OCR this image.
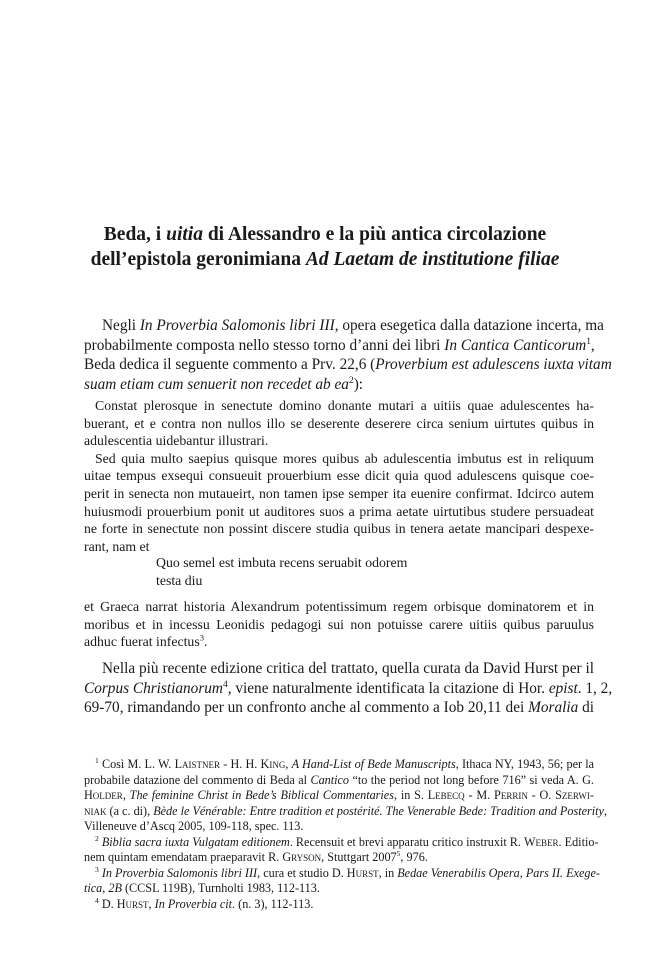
Beda, i uitia di Alessandro e la più antica circolazione
dell’epistola geronimiana Ad Laetam de institutione filiae

Negli In Proverbia Salomonis libri III, opera esegetica dalla datazione incerta, ma
probabilmente composta nello stesso torno d’anni dei libri In Cantica Canticorum$^1$,
Beda dedica il seguente commento a Prv. 22,6 (Proverbium est adulescens iuxta vitam
suam etiam cum senuerit non recedet ab $ea^2$):

Constat plerosque in senectute domino donante mutari a uitiis quae adulescentes ha-
buerant, et e contra non nullos illo se deserente deserere circa senium uirtutes quibus in
adulescentia uidebantur illustrari.
Sed quia multo saepius quisque mores quibus ab adulescentia imbutus est in reliquum
uitae tempus exsequi consueuit prouerbium esse dicit quia quod adulescens quisque coe-
perit in senecta non mutaueirt, non tamen ipse semper ita euenire confirmat. Idcirco autem
huiusmodi prouerbium ponit ut auditores suos a prima aetate uirtutibus studere persuadeat
ne forte in senectute non possint discere studia quibus in tenera aetate mancipari despexe-
rant, nam et
Quo semel est imbuta recens seruabit odorem
testa diu
et Graeca narrat historia Alexandrum potentissimum regem orbisque dominatorem et in
moribus et in incessu Leonidis pedagogi sui non potuisse carere uitiis quibus paruulus
adhuc fuerat infectus$^3$.

Nella più recente edizione critica del trattato, quella curata da David Hurst per il
Corpus Christianorum$^4$, viene naturalmente identificata la citazione di Hor. epist. 1, 2,
69-70, rimandando per un confronto anche al commento a Iob 20,11 dei Moralia di

$^1$ Così M. L. W. Laistner - H. H. King, A Hand-List of Bede Manuscripts, Ithaca NY, 1943, 56; per la
probabile datazione del commento di Beda al Cantico “to the period not long before 716” si veda A. G.
Holder, The feminine Christ in Bede’s Biblical Commentaries, in S. Lebecq - M. Perrin - O. Szerwi-
niak (a c. di), Bède le Vénérable: Entre tradition et postérité. The Venerable Bede: Tradition and Posterity,
Villeneuve d’Ascq 2005, 109-118, spec. 113.
$^2$ Biblia sacra iuxta Vulgatam editionem. Recensuit et brevi apparatu critico instruxit R. Weber. Editio-
nem quintam emendatam praeparavit R. Gryson, Stuttgart 2007$^5$, 976.
$^3$ In Proverbia Salomonis libri III, cura et studio D. Hurst, in Bedae Venerabilis Opera, Pars II. Exege-
tica, 2B (CCSL 119B), Turnholti 1983, 112-113.
$^4$ D. Hurst, In Proverbia cit. (n. 3), 112-113.
